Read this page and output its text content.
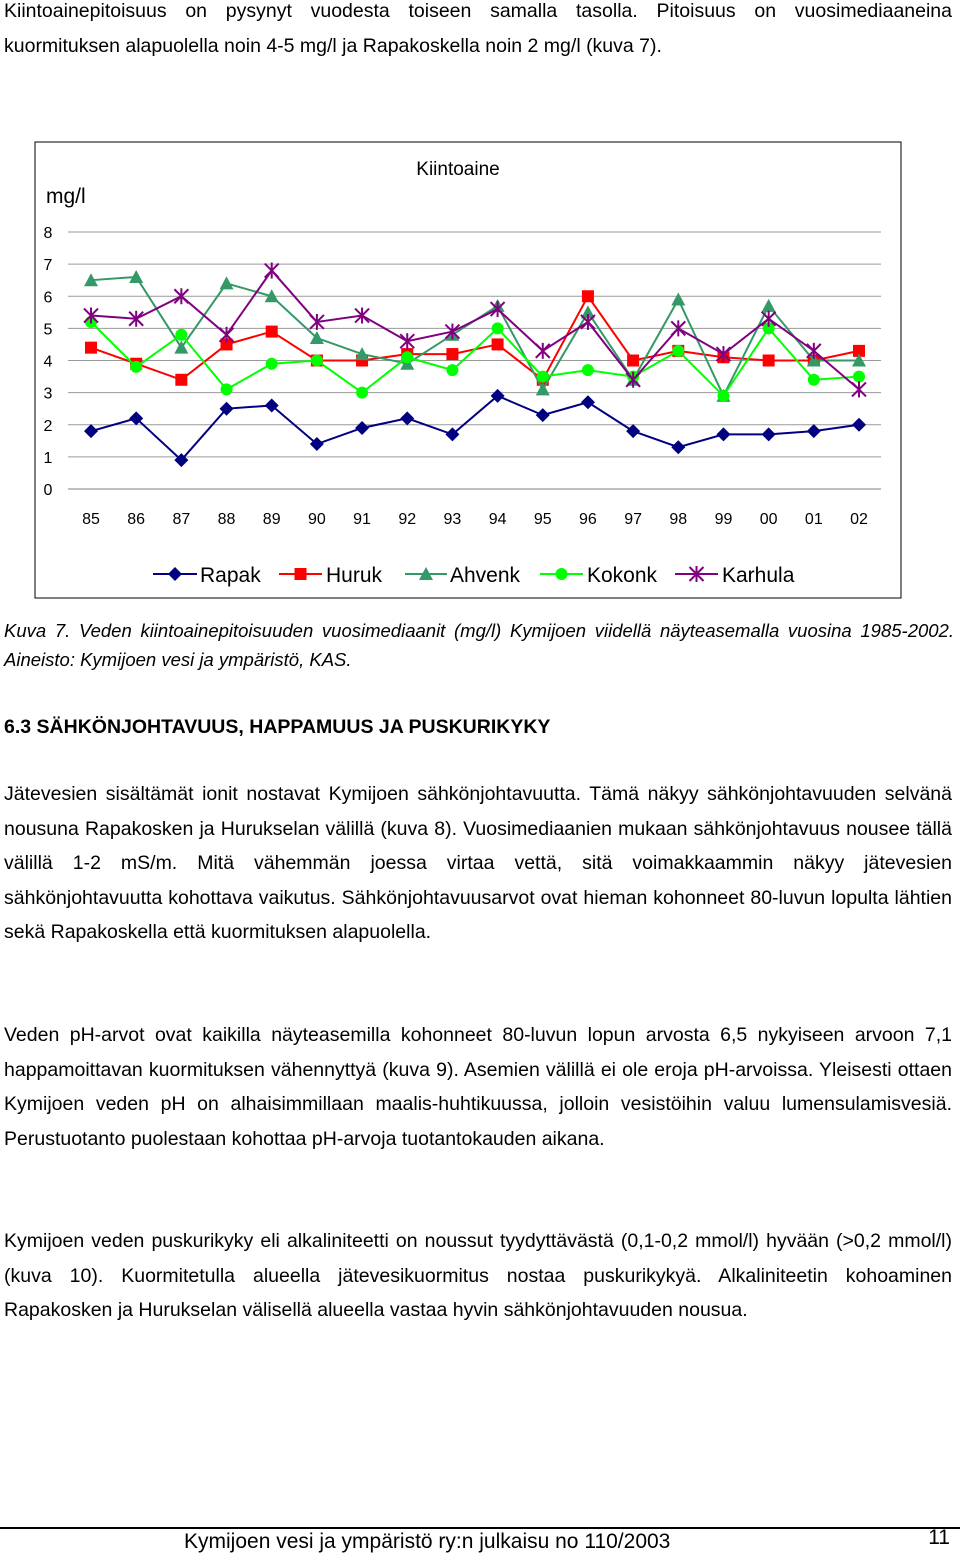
Kiintoainepitoisuus on pysynyt vuodesta toiseen samalla tasolla. Pitoisuus on vuosimediaaneina kuormituksen alapuolella noin 4-5 mg/l ja Rapakoskella noin 2 mg/l (kuva 7).

Kiintoaine
mg/l
0
1
2
3
4
5
6
7
8
85 86 87 88 89 90 91 92 93 94 95 96 97 98 99 00 01 02
Rapak	Huruk	Ahvenk	Kokonk	Karhula

Kuva 7. Veden kiintoainepitoisuuden vuosimediaanit (mg/l) Kymijoen viidellä näyteasemalla vuosina 1985-2002. Aineisto: Kymijoen vesi ja ympäristö, KAS.

6.3 SÄHKÖNJOHTAVUUS, HAPPAMUUS JA PUSKURIKYKY

Jätevesien sisältämät ionit nostavat Kymijoen sähkönjohtavuutta. Tämä näkyy sähkönjohtavuuden selvänä nousuna Rapakosken ja Hurukselan välillä (kuva 8). Vuosimediaanien mukaan sähkönjohtavuus nousee tällä välillä 1-2 mS/m. Mitä vähemmän joessa virtaa vettä, sitä voimakkaammin näkyy jätevesien sähkönjohtavuutta kohottava vaikutus. Sähkönjohtavuusarvot ovat hieman kohonneet 80-luvun lopulta lähtien sekä Rapakoskella että kuormituksen alapuolella.

Veden pH-arvot ovat kaikilla näyteasemilla kohonneet 80-luvun lopun arvosta 6,5 nykyiseen arvoon 7,1 happamoittavan kuormituksen vähennyttyä (kuva 9). Asemien välillä ei ole eroja pH-arvoissa. Yleisesti ottaen Kymijoen veden pH on alhaisimmillaan maalis-huhtikuussa, jolloin vesistöihin valuu lumensulamisvesiä. Perustuotanto puolestaan kohottaa pH-arvoja tuotantokauden aikana.

Kymijoen veden puskurikyky eli alkaliniteetti on noussut tyydyttävästä (0,1-0,2 mmol/l) hyvään (>0,2 mmol/l) (kuva 10). Kuormitetulla alueella jätevesikuormitus nostaa puskurikykyä. Alkaliniteetin kohoaminen Rapakosken ja Hurukselan välisellä alueella vastaa hyvin sähkönjohtavuuden nousua.

Kymijoen vesi ja ympäristö ry:n julkaisu no 110/2003	11
